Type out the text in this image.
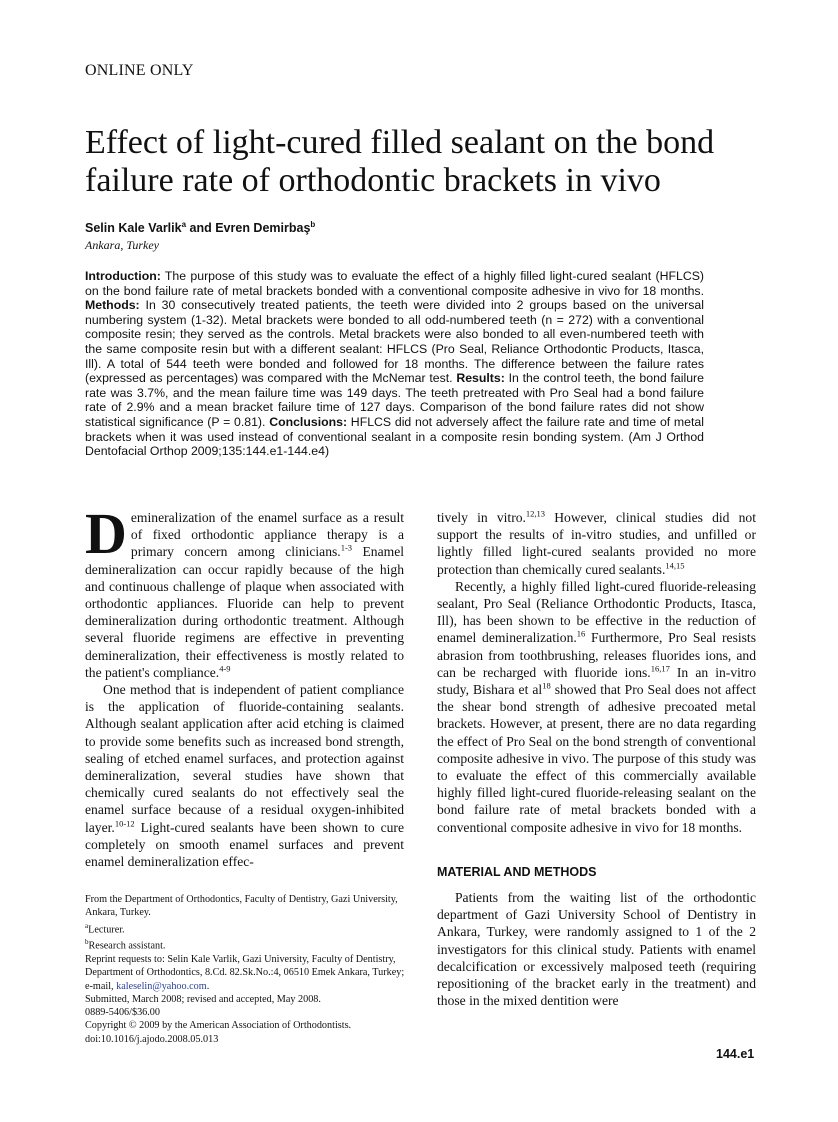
ONLINE ONLY
Effect of light-cured filled sealant on the bond failure rate of orthodontic brackets in vivo
Selin Kale Varlik$^a$ and Evren Demirbaş$^b$
Ankara, Turkey

Introduction: The purpose of this study was to evaluate the effect of a highly filled light-cured sealant (HFLCS) on the bond failure rate of metal brackets bonded with a conventional composite adhesive in vivo for 18 months. Methods: In 30 consecutively treated patients, the teeth were divided into 2 groups based on the universal numbering system (1-32). Metal brackets were bonded to all odd-numbered teeth (n = 272) with a conventional composite resin; they served as the controls. Metal brackets were also bonded to all even-numbered teeth with the same composite resin but with a different sealant: HFLCS (Pro Seal, Reliance Orthodontic Products, Itasca, Ill). A total of 544 teeth were bonded and followed for 18 months. The difference between the failure rates (expressed as percentages) was compared with the McNemar test. Results: In the control teeth, the bond failure rate was 3.7%, and the mean failure time was 149 days. The teeth pretreated with Pro Seal had a bond failure rate of 2.9% and a mean bracket failure time of 127 days. Comparison of the bond failure rates did not show statistical significance (P = 0.81). Conclusions: HFLCS did not adversely affect the failure rate and time of metal brackets when it was used instead of conventional sealant in a composite resin bonding system. (Am J Orthod Dentofacial Orthop 2009;135:144.e1-144.e4)

Demineralization of the enamel surface as a result of fixed orthodontic appliance therapy is a primary concern among clinicians.$^{1-3}$ Enamel demineralization can occur rapidly because of the high and continuous challenge of plaque when associated with orthodontic appliances. Fluoride can help to prevent demineralization during orthodontic treatment. Although several fluoride regimens are effective in preventing demineralization, their effectiveness is mostly related to the patient's compliance.$^{4-9}$

One method that is independent of patient compliance is the application of fluoride-containing sealants. Although sealant application after acid etching is claimed to provide some benefits such as increased bond strength, sealing of etched enamel surfaces, and protection against demineralization, several studies have shown that chemically cured sealants do not effectively seal the enamel surface because of a residual oxygen-inhibited layer.$^{10-12}$ Light-cured sealants have been shown to cure completely on smooth enamel surfaces and prevent enamel demineralization effec-

tively in vitro.$^{12,13}$ However, clinical studies did not support the results of in-vitro studies, and unfilled or lightly filled light-cured sealants provided no more protection than chemically cured sealants.$^{14,15}$

Recently, a highly filled light-cured fluoride-releasing sealant, Pro Seal (Reliance Orthodontic Products, Itasca, Ill), has been shown to be effective in the reduction of enamel demineralization.$^{16}$ Furthermore, Pro Seal resists abrasion from toothbrushing, releases fluorides ions, and can be recharged with fluoride ions.$^{16,17}$ In an in-vitro study, Bishara et $al^{18}$ showed that Pro Seal does not affect the shear bond strength of adhesive precoated metal brackets. However, at present, there are no data regarding the effect of Pro Seal on the bond strength of conventional composite adhesive in vivo. The purpose of this study was to evaluate the effect of this commercially available highly filled light-cured fluoride-releasing sealant on the bond failure rate of metal brackets bonded with a conventional composite adhesive in vivo for 18 months.

MATERIAL AND METHODS

Patients from the waiting list of the orthodontic department of Gazi University School of Dentistry in Ankara, Turkey, were randomly assigned to 1 of the 2 investigators for this clinical study. Patients with enamel decalcification or excessively malposed teeth (requiring repositioning of the bracket early in the treatment) and those in the mixed dentition were

From the Department of Orthodontics, Faculty of Dentistry, Gazi University,
Ankara, Turkey.
$^a$Lecturer.
$^b$Research assistant.
Reprint requests to: Selin Kale Varlik, Gazi University, Faculty of Dentistry,
Department of Orthodontics, 8.Cd. 82.Sk.No.:4, 06510 Emek Ankara, Turkey;
e-mail, kaleselin@yahoo.com.
Submitted, March 2008; revised and accepted, May 2008.
0889-5406/$36.00
Copyright © 2009 by the American Association of Orthodontists.
doi:10.1016/j.ajodo.2008.05.013
144.e1
